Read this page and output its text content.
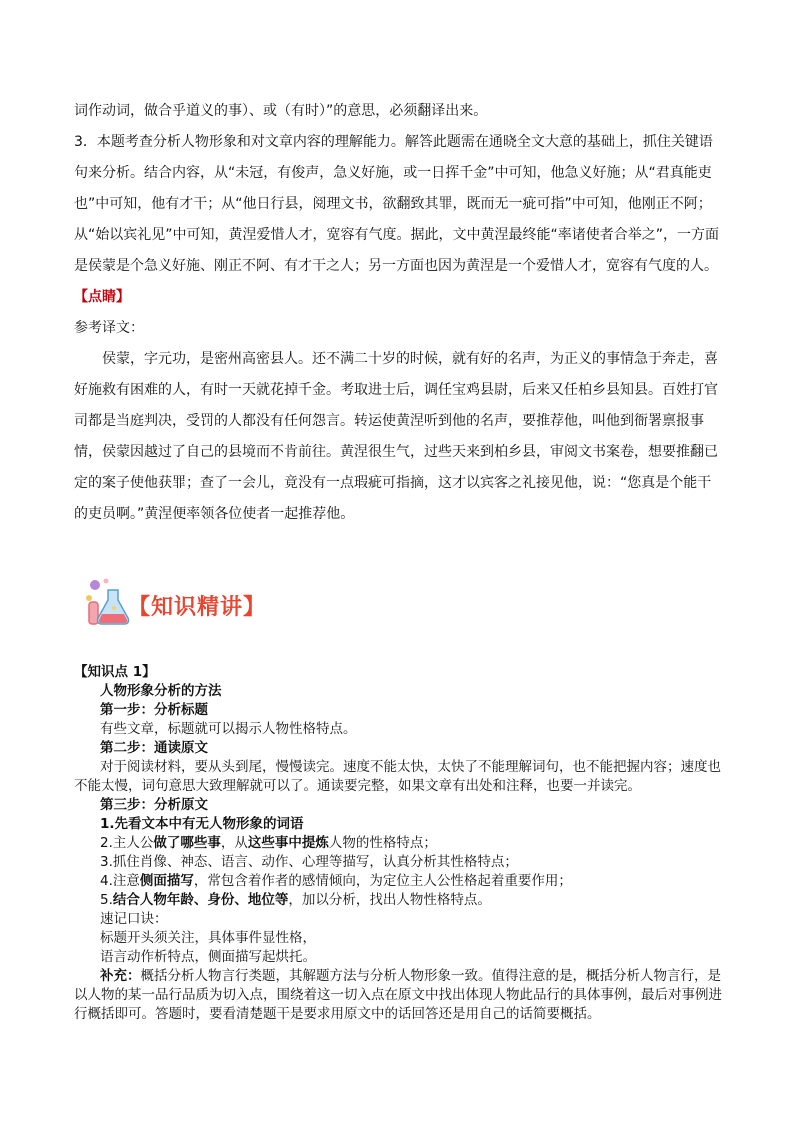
词作动词，做合乎道义的事）、或（有时）”的意思，必须翻译出来。

3．本题考查分析人物形象和对文章内容的理解能力。解答此题需在通晓全文大意的基础上，抓住关键语句来分析。结合内容，从“未冠，有俊声，急义好施，或一日挥千金”中可知，他急义好施；从“君真能吏也”中可知，他有才干；从“他日行县，阅理文书，欲翻致其罪，既而无一疵可指”中可知，他刚正不阿；从“始以宾礼见”中可知，黄涅爱惜人才，宽容有气度。据此，文中黄涅最终能“率诸使者合举之”，一方面是侯蒙是个急义好施、刚正不阿、有才干之人；另一方面也因为黄涅是一个爱惜人才，宽容有气度的人。

【点睛】

参考译文：

侯蒙，字元功，是密州高密县人。还不满二十岁的时候，就有好的名声，为正义的事情急于奔走，喜好施救有困难的人，有时一天就花掉千金。考取进士后，调任宝鸡县尉，后来又任柏乡县知县。百姓打官司都是当庭判决，受罚的人都没有任何怨言。转运使黄涅听到他的名声，要推荐他，叫他到衙署禀报事情，侯蒙因越过了自己的县境而不肯前往。黄涅很生气，过些天来到柏乡县，审阅文书案卷，想要推翻已定的案子使他获罪；查了一会儿，竟没有一点瑕疵可指摘，这才以宾客之礼接见他，说：“您真是个能干的吏员啊。”黄涅便率领各位使者一起推荐他。

【知识精讲】

【知识点 1】

人物形象分析的方法

第一步：分析标题

有些文章，标题就可以揭示人物性格特点。

第二步：通读原文

对于阅读材料，要从头到尾，慢慢读完。速度不能太快，太快了不能理解词句，也不能把握内容；速度也不能太慢，词句意思大致理解就可以了。通读要完整，如果文章有出处和注释，也要一并读完。

第三步：分析原文

1.先看文本中有无人物形象的词语

2.主人公做了哪些事，从这些事中提炼人物的性格特点；

3.抓住肖像、神态、语言、动作、心理等描写，认真分析其性格特点；

4.注意侧面描写，常包含着作者的感情倾向，为定位主人公性格起着重要作用；

5.结合人物年龄、身份、地位等，加以分析，找出人物性格特点。

速记口诀：

标题开头须关注，具体事件显性格，

语言动作析特点，侧面描写起烘托。

补充：概括分析人物言行类题，其解题方法与分析人物形象一致。值得注意的是，概括分析人物言行，是以人物的某一品行品质为切入点，围绕着这一切入点在原文中找出体现人物此品行的具体事例，最后对事例进行概括即可。答题时，要看清楚题干是要求用原文中的话回答还是用自己的话简要概括。
